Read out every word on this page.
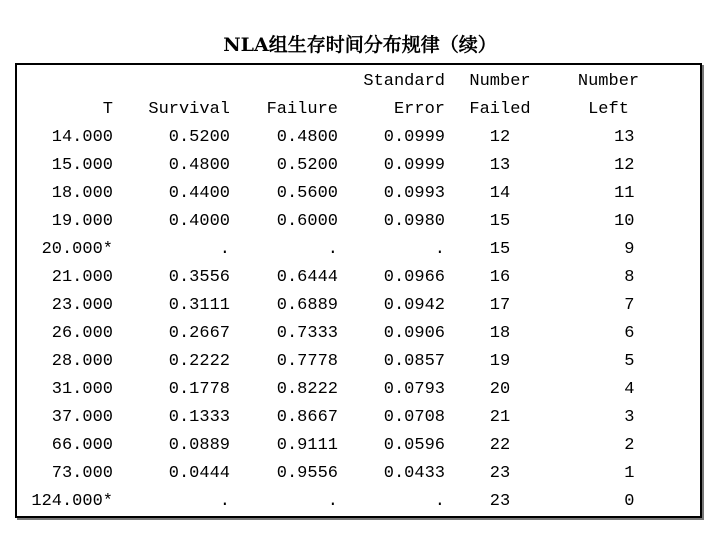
NLA组生存时间分布规律（续）
			Standard	Number	Number
T	Survival	Failure	Error	Failed	Left
14.000	0.5200	0.4800	0.0999	12	13
15.000	0.4800	0.5200	0.0999	13	12
18.000	0.4400	0.5600	0.0993	14	11
19.000	0.4000	0.6000	0.0980	15	10
20.000*	.	.	.	15	9
21.000	0.3556	0.6444	0.0966	16	8
23.000	0.3111	0.6889	0.0942	17	7
26.000	0.2667	0.7333	0.0906	18	6
28.000	0.2222	0.7778	0.0857	19	5
31.000	0.1778	0.8222	0.0793	20	4
37.000	0.1333	0.8667	0.0708	21	3
66.000	0.0889	0.9111	0.0596	22	2
73.000	0.0444	0.9556	0.0433	23	1
124.000*	.	.	.	23	0
